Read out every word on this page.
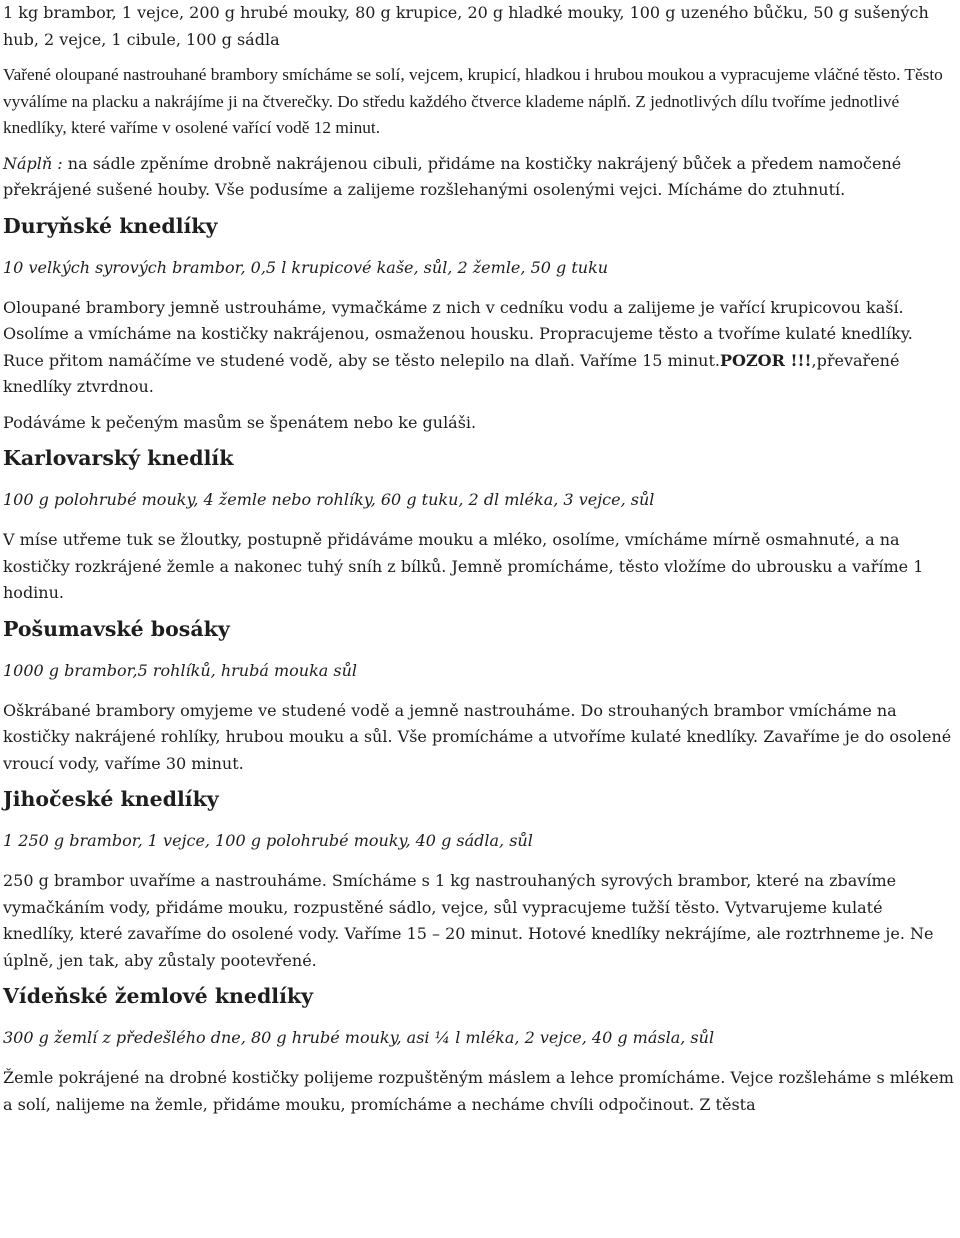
1 kg brambor, 1 vejce, 200 g hrubé mouky, 80 g krupice, 20 g hladké mouky, 100 g uzeného bůčku, 50 g sušených hub, 2 vejce, 1 cibule, 100 g sádla

Vařené oloupané nastrouhané brambory smícháme se solí, vejcem, krupicí, hladkou i hrubou moukou a vypracujeme vláčné těsto. Těsto vyválíme na placku a nakrájíme ji na čtverečky. Do středu každého čtverce klademe náplň. Z jednotlivých dílu tvoříme jednotlivé knedlíky, které vaříme v osolené vařící vodě 12 minut.

Náplň : na sádle zpěníme drobně nakrájenou cibuli, přidáme na kostičky nakrájený bůček a předem namočené překrájené sušené houby. Vše podusíme a zalijeme rozšlehanými osolenými vejci. Mícháme do ztuhnutí.

Duryňské knedlíky

10 velkých syrových brambor, 0,5 l krupicové kaše, sůl, 2 žemle, 50 g tuku

Oloupané brambory jemně ustrouháme, vymačkáme z nich v cedníku vodu a zalijeme je vařící krupicovou kaší. Osolíme a vmícháme na kostičky nakrájenou, osmaženou housku. Propracujeme těsto a tvoříme kulaté knedlíky. Ruce přitom namáčíme ve studené vodě, aby se těsto nelepilo na dlaň. Vaříme 15 minut.POZOR !!!,převařené knedlíky ztvrdnou.

Podáváme k pečeným masům se špenátem nebo ke guláši.

Karlovarský knedlík

100 g polohrubé mouky, 4 žemle nebo rohlíky, 60 g tuku, 2 dl mléka, 3 vejce, sůl

V míse utřeme tuk se žloutky, postupně přidáváme mouku a mléko, osolíme, vmícháme mírně osmahnuté, a na kostičky rozkrájené žemle a nakonec tuhý sníh z bílků. Jemně promícháme, těsto vložíme do ubrousku a vaříme 1 hodinu.

Pošumavské bosáky

1000 g brambor,5 rohlíků, hrubá mouka sůl

Oškrábané brambory omyjeme ve studené vodě a jemně nastrouháme. Do strouhaných brambor vmícháme na kostičky nakrájené rohlíky, hrubou mouku a sůl. Vše promícháme a utvoříme kulaté knedlíky. Zavaříme je do osolené vroucí vody, vaříme 30 minut.

Jihočeské knedlíky

1 250 g brambor, 1 vejce, 100 g polohrubé mouky, 40 g sádla, sůl

250 g brambor uvaříme a nastrouháme. Smícháme s 1 kg nastrouhaných syrových brambor, které na zbavíme vymačkáním vody, přidáme mouku, rozpustěné sádlo, vejce, sůl vypracujeme tužší těsto. Vytvarujeme kulaté knedlíky, které zavaříme do osolené vody. Vaříme 15 – 20 minut. Hotové knedlíky nekrájíme, ale roztrhneme je. Ne úplně, jen tak, aby zůstaly pootevřené.

Vídeňské žemlové knedlíky

300 g žemlí z předešlého dne, 80 g hrubé mouky, asi ¼ l mléka, 2 vejce, 40 g másla, sůl

Žemle pokrájené na drobné kostičky polijeme rozpuštěným máslem a lehce promícháme. Vejce rozšleháme s mlékem a solí, nalijeme na žemle, přidáme mouku, promícháme a necháme chvíli odpočinout. Z těsta
